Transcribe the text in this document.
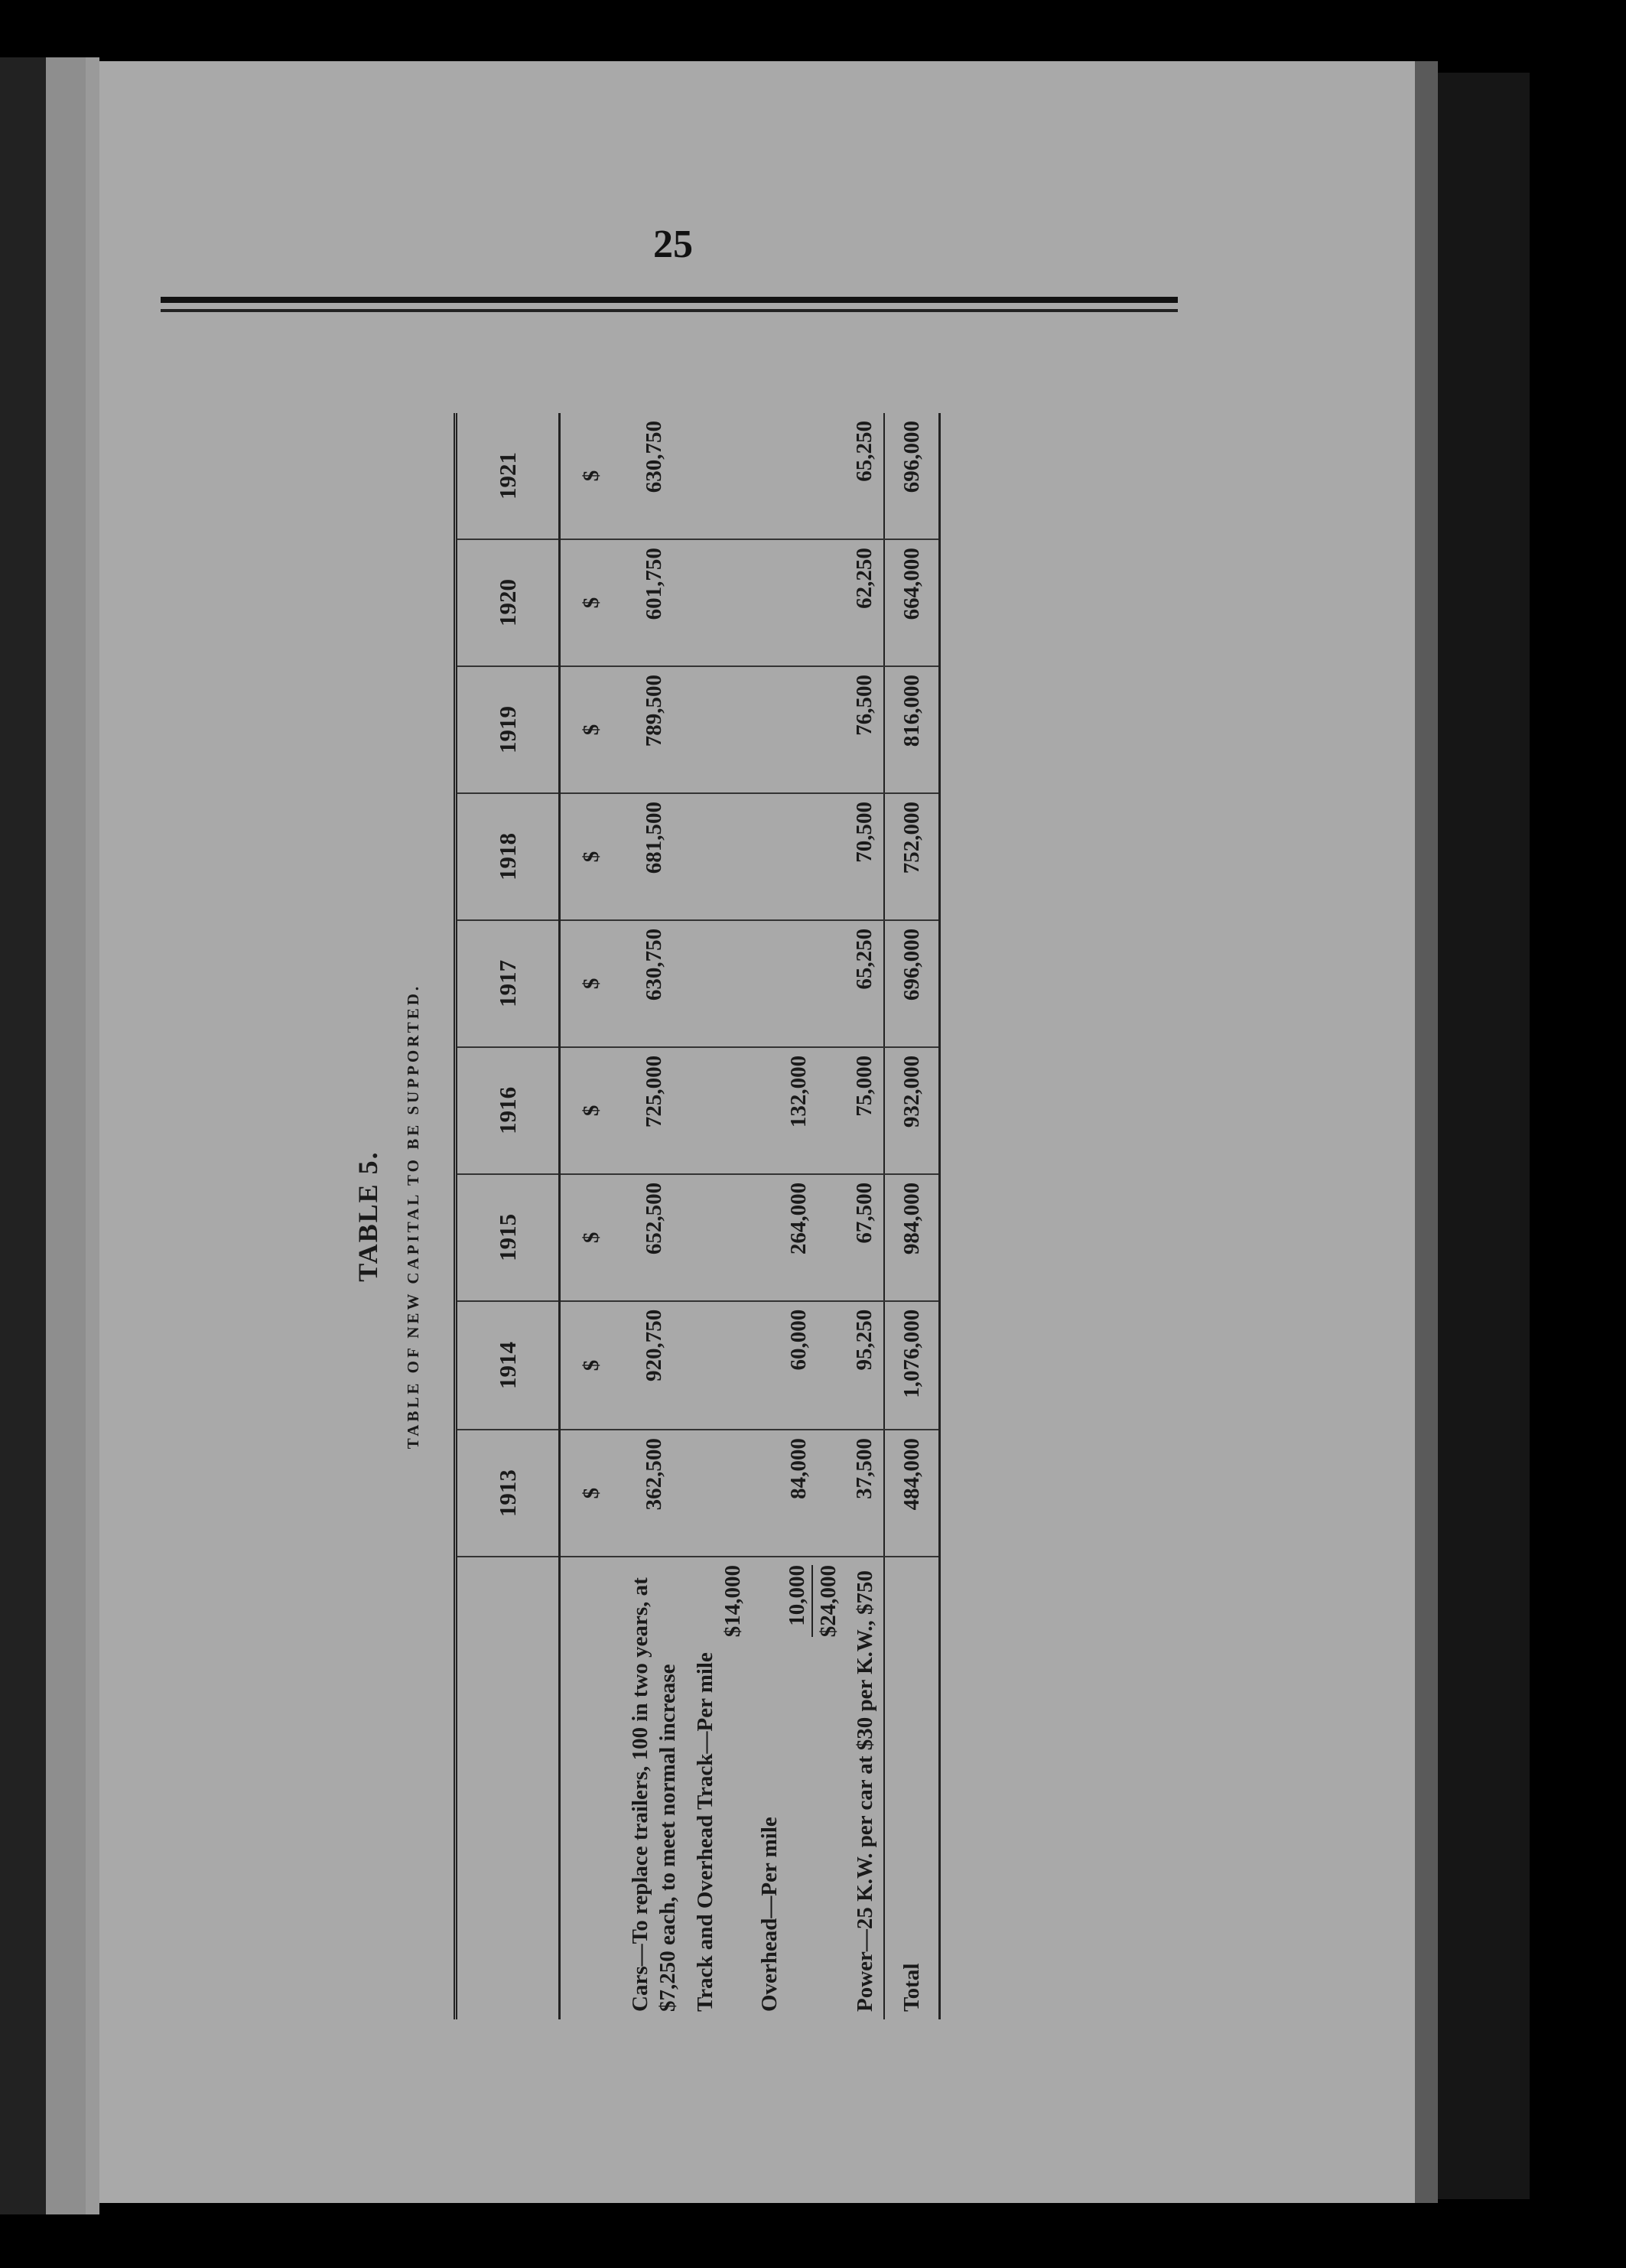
25
TABLE 5. TABLE OF NEW CAPITAL TO BE SUPPORTED.
	1913	1914	1915	1916	1917	1918	1919	1920	1921
	$	$	$	$	$	$	$	$	$
Cars—To replace trailers, 100 in two years, at $7,250 each, to meet normal increase	362,500	920,750	652,500	725,000	630,750	681,500	789,500	601,750	630,750
Track and Overhead Track—Per mile
$14,000									

Overhead—Per mile
10,000 $24,000	84,000	60,000	264,000	132,000					
Power—25 K.W. per car at $30 per K.W., $750	37,500	95,250	67,500	75,000	65,250	70,500	76,500	62,250	65,250
Total	484,000	1,076,000	984,000	932,000	696,000	752,000	816,000	664,000	696,000
